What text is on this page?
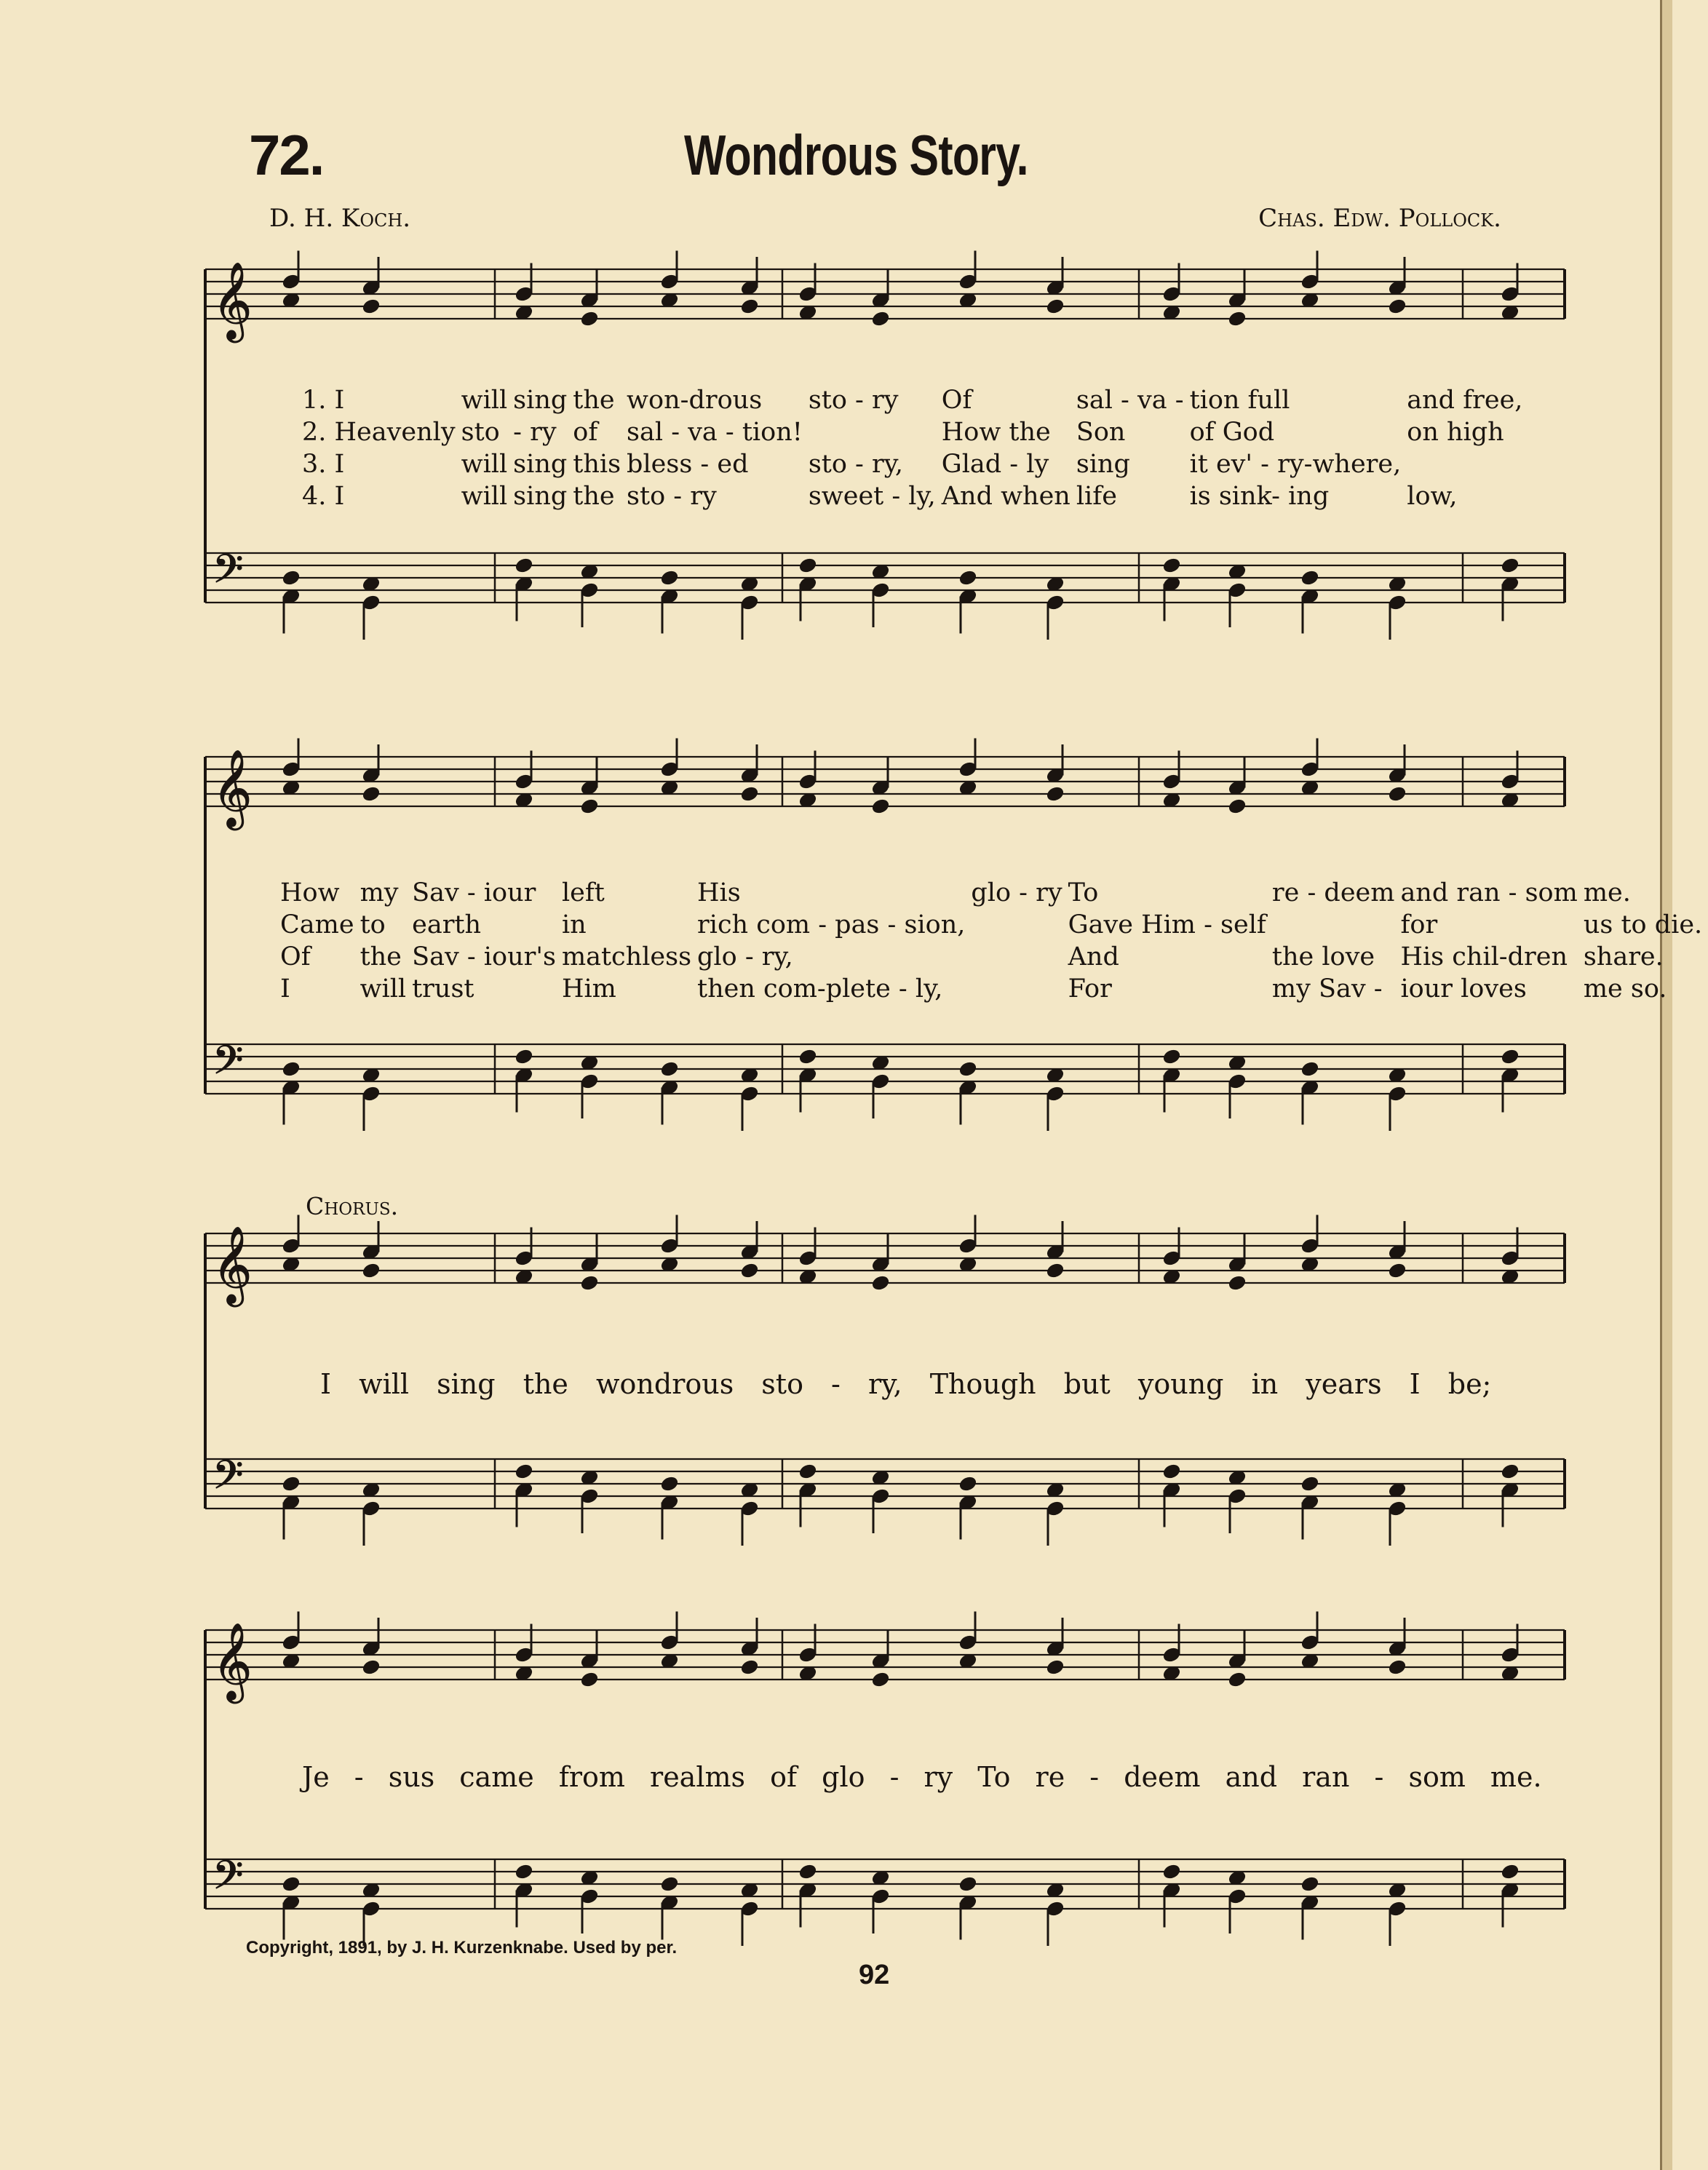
72.	Wondrous Story.
D. H. Koch.	Chas. Edw. Pollock.
𝄞
𝄢
𝄞
𝄢
𝄞
𝄢
𝄞
𝄢
1. I	will	sing	the	won-drous	sto - ry	Of	sal - va -	tion full	and free,
2. Heavenly	sto	- ry	of	sal - va - tion!		How the	Son	of God	on high
3. I	will	sing	this	bless - ed	sto - ry,	Glad - ly	sing	it ev' - ry-where,	
4. I	will	sing	the	sto - ry	sweet - ly,	And when	life	is sink- ing	low,
How	my	Sav - iour	left	His	glo - ry	To	re - deem	and ran - som	me.
Came	to	earth	in	rich com - pas - sion,		Gave Him - self		for	us to die.
Of	the	Sav - iour's	matchless	glo - ry,		And	the love	His chil-dren	share.
I	will	trust	Him	then com-plete - ly,		For	my Sav -	iour loves	me so.
Chorus.
I will sing the wondrous sto - ry, Though but young in years I be;
Je - sus came from realms of glo - ry To re - deem and ran - som me.
Copyright, 1891, by J. H. Kurzenknabe. Used by per.
92
